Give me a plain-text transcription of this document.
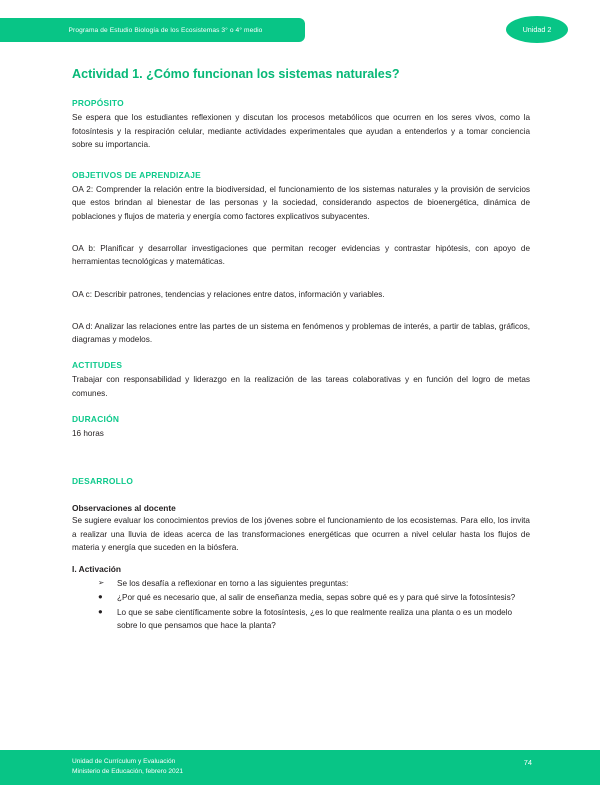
Programa de Estudio Biología de los Ecosistemas 3° o 4° medio	Unidad 2
Actividad 1. ¿Cómo funcionan los sistemas naturales?
PROPÓSITO

Se espera que los estudiantes reflexionen y discutan los procesos metabólicos que ocurren en los seres vivos, como la fotosíntesis y la respiración celular, mediante actividades experimentales que ayudan a entenderlos y a tomar conciencia sobre su importancia.

OBJETIVOS DE APRENDIZAJE

OA 2: Comprender la relación entre la biodiversidad, el funcionamiento de los sistemas naturales y la provisión de servicios que estos brindan al bienestar de las personas y la sociedad, considerando aspectos de bioenergética, dinámica de poblaciones y flujos de materia y energía como factores explicativos subyacentes.

OA b: Planificar y desarrollar investigaciones que permitan recoger evidencias y contrastar hipótesis, con apoyo de herramientas tecnológicas y matemáticas.

OA c: Describir patrones, tendencias y relaciones entre datos, información y variables.

OA d: Analizar las relaciones entre las partes de un sistema en fenómenos y problemas de interés, a partir de tablas, gráficos, diagramas y modelos.

ACTITUDES

Trabajar con responsabilidad y liderazgo en la realización de las tareas colaborativas y en función del logro de metas comunes.

DURACIÓN

16 horas

DESARROLLO
Observaciones al docente

Se sugiere evaluar los conocimientos previos de los jóvenes sobre el funcionamiento de los ecosistemas. Para ello, los invita a realizar una lluvia de ideas acerca de las transformaciones energéticas que ocurren a nivel celular hasta los flujos de materia y energía que suceden en la biósfera.

I. Activación
➢	Se los desafía a reflexionar en torno a las siguientes preguntas:
●	¿Por qué es necesario que, al salir de enseñanza media, sepas sobre qué es y para qué sirve la fotosíntesis?
●	Lo que se sabe científicamente sobre la fotosíntesis, ¿es lo que realmente realiza una planta o es un modelo sobre lo que pensamos que hace la planta?
Unidad de Currículum y Evaluación
Ministerio de Educación, febrero 2021
74
